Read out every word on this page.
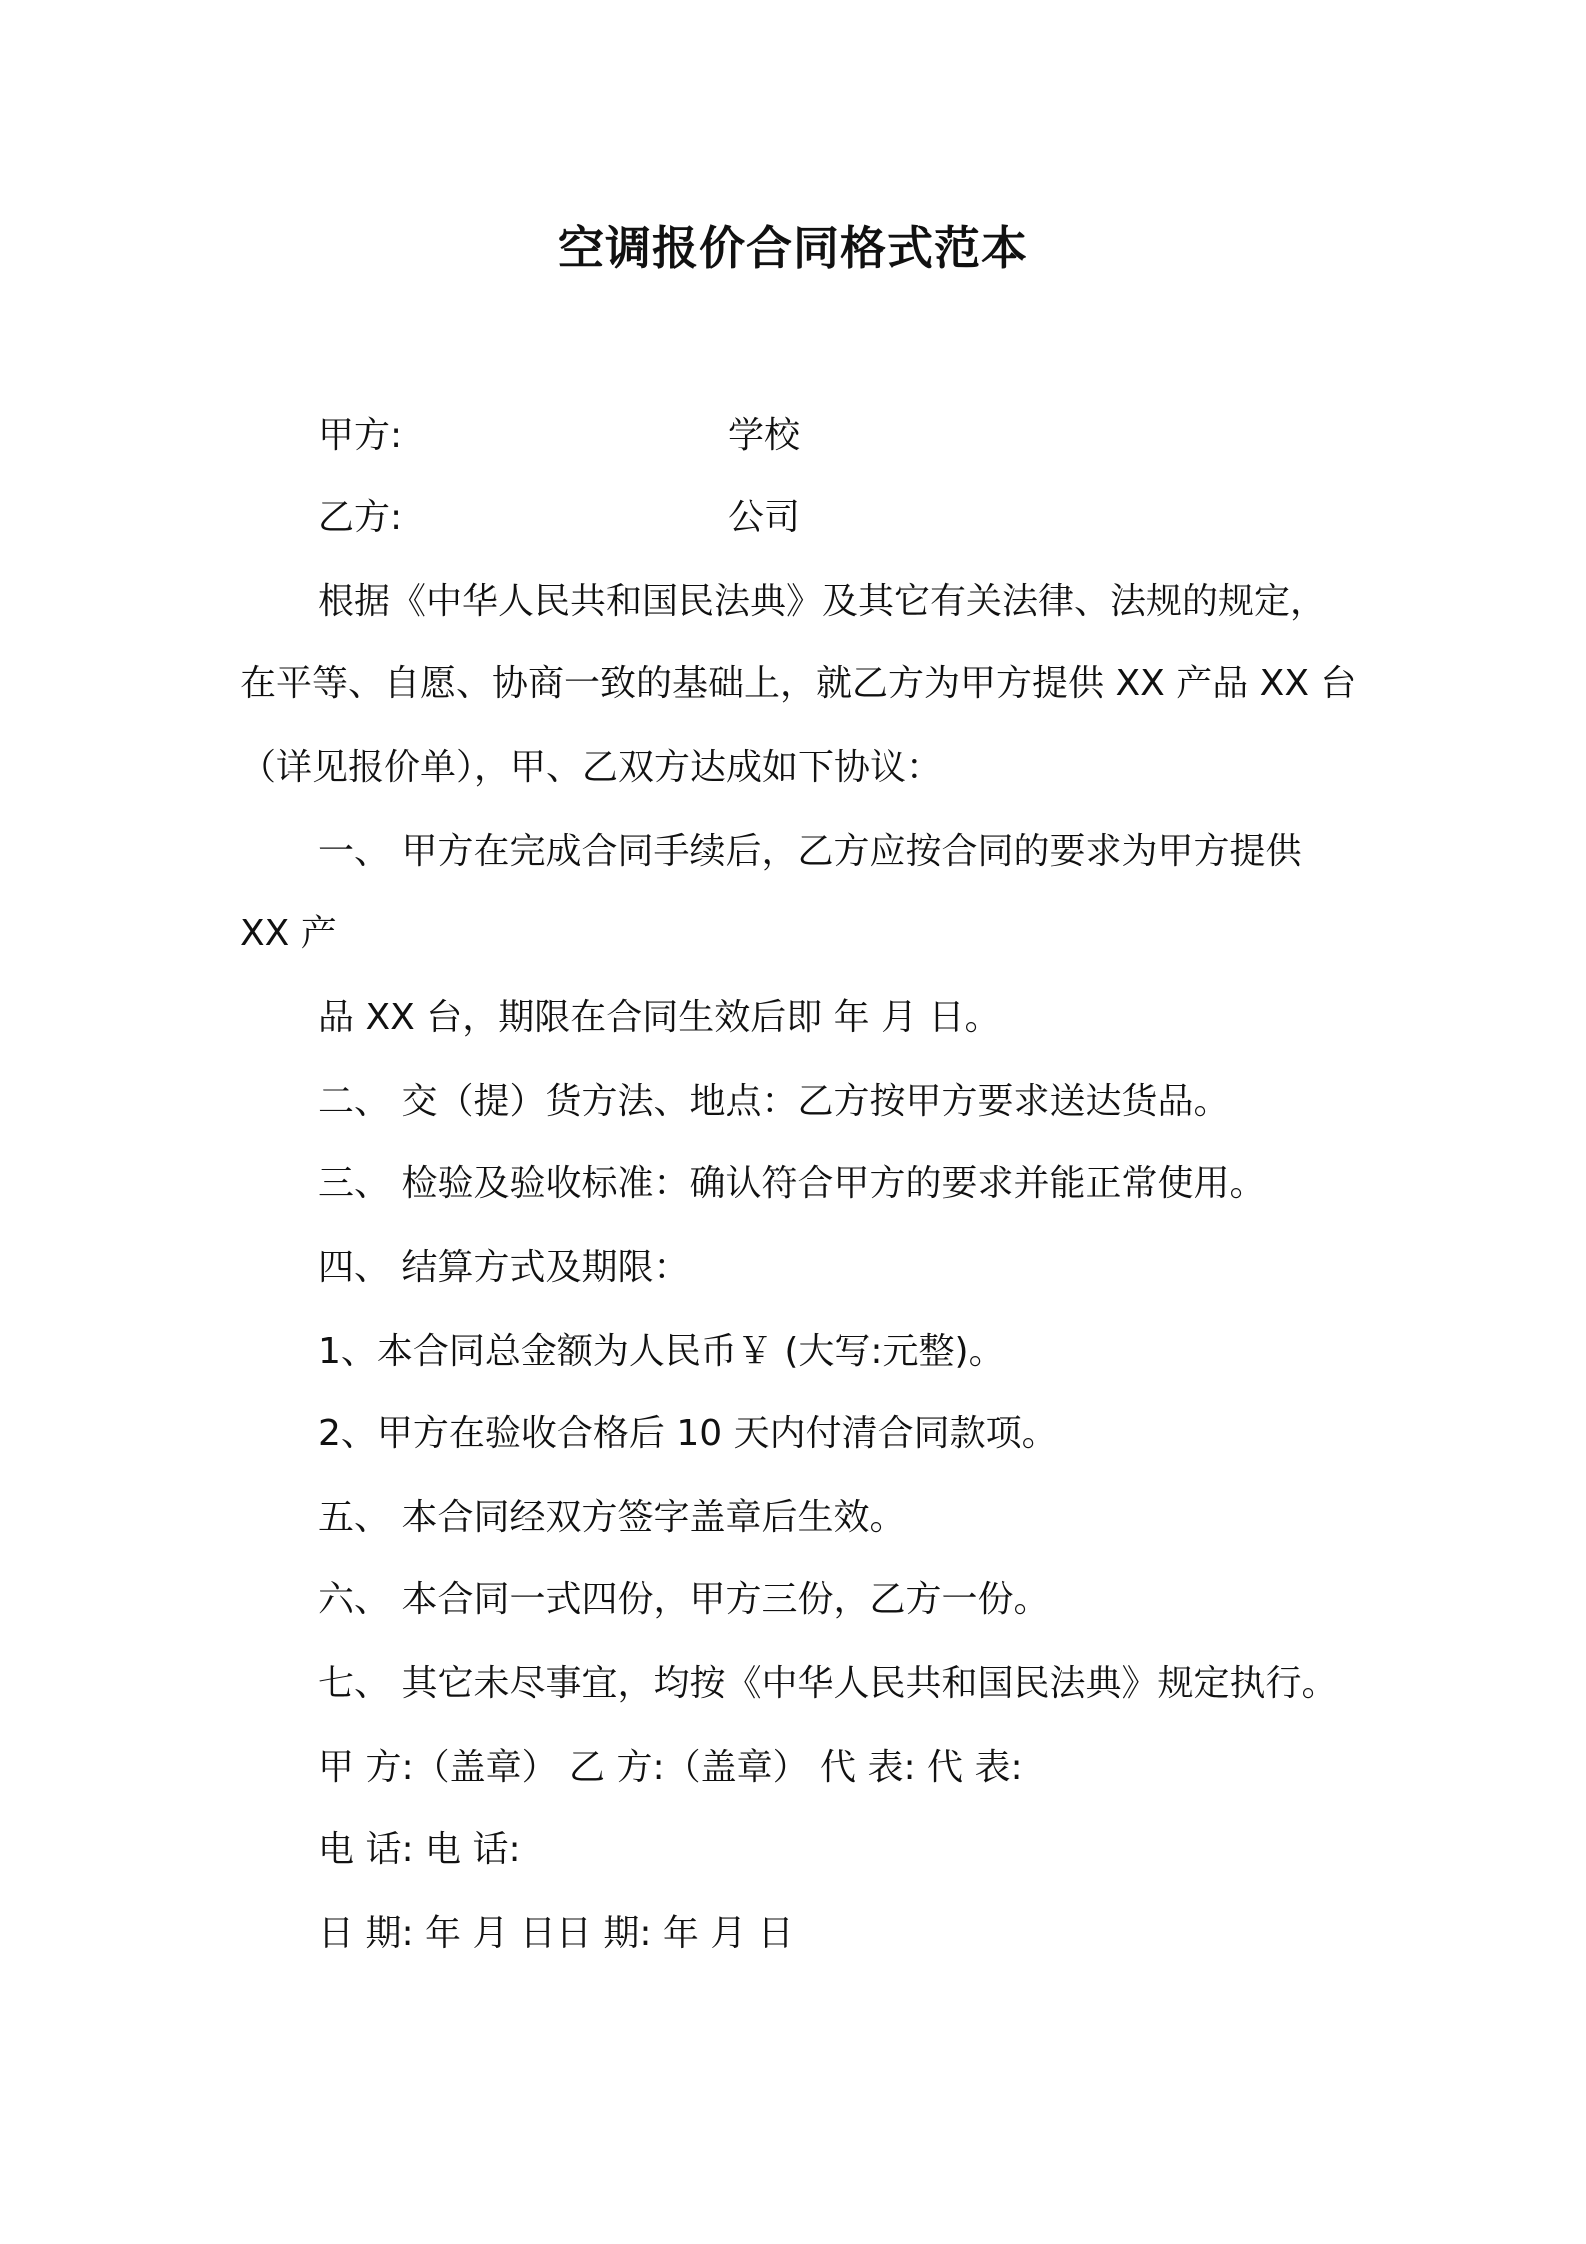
空调报价合同格式范本
甲方:	学校
乙方:	公司
根据《中华人民共和国民法典》及其它有关法律、法规的规定，
在平等、自愿、协商一致的基础上，就乙方为甲方提供 XX 产品 XX 台
（详见报价单），甲、乙双方达成如下协议：
一、 甲方在完成合同手续后，乙方应按合同的要求为甲方提供
XX 产
品 XX 台，期限在合同生效后即 年 月 日。
二、 交（提）货方法、地点：乙方按甲方要求送达货品。
三、 检验及验收标准：确认符合甲方的要求并能正常使用。
四、 结算方式及期限：
1、本合同总金额为人民币￥ (大写:元整)。
2、甲方在验收合格后 10 天内付清合同款项。
五、 本合同经双方签字盖章后生效。
六、 本合同一式四份，甲方三份，乙方一份。
七、 其它未尽事宜，均按《中华人民共和国民法典》规定执行。
甲 方:（盖章） 乙 方:（盖章） 代 表: 代 表:
电 话: 电 话:
日 期: 年 月 日日 期: 年 月 日
